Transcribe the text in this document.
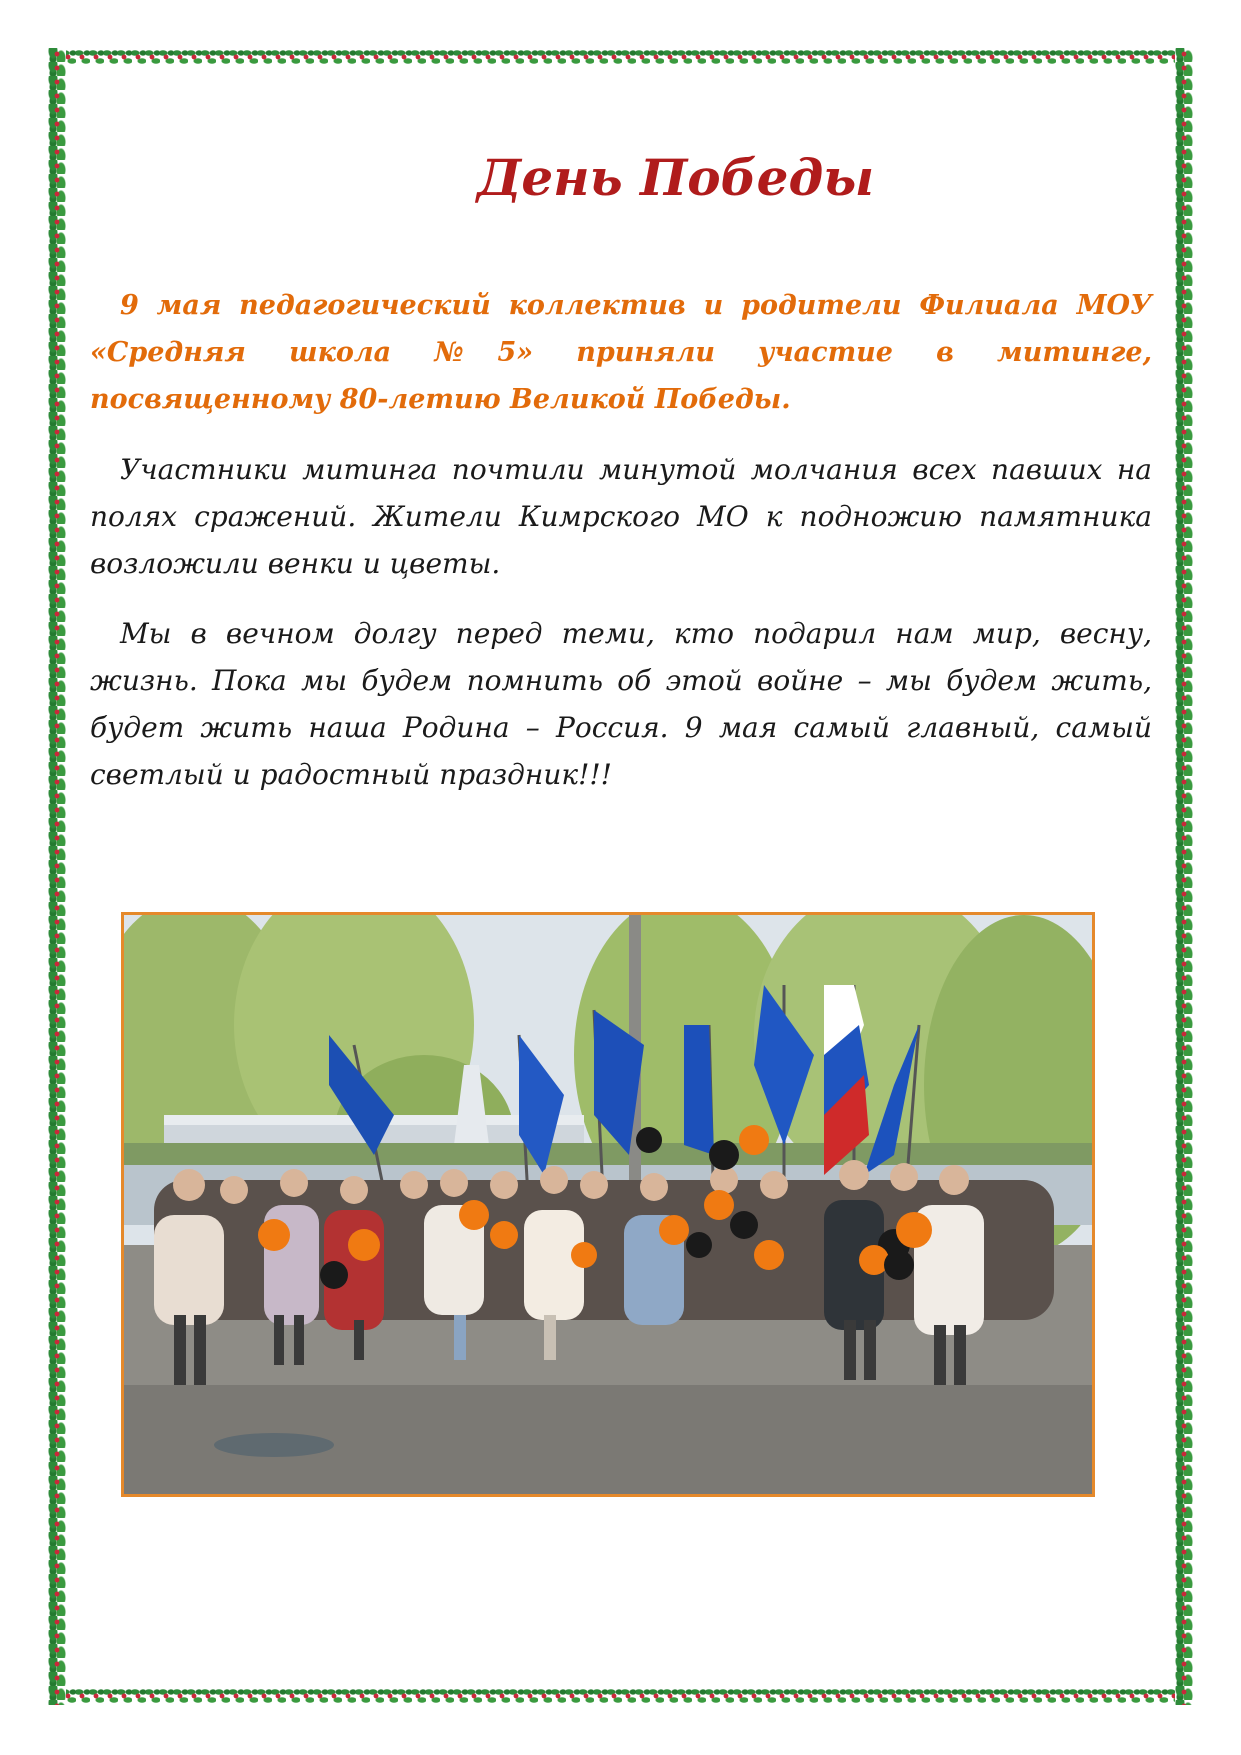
День Победы

9 мая педагогический коллектив и родители Филиала МОУ «Средняя школа №5» приняли участие в митинге, посвященному 80-летию Великой Победы.

Участники митинга почтили минутой молчания всех павших на полях сражений. Жители Кимрского МО к подножию памятника возложили венки и цветы.

Мы в вечном долгу перед теми, кто подарил нам мир, весну, жизнь. Пока мы будем помнить об этой войне – мы будем жить, будет жить наша Родина – Россия. 9 мая самый главный, самый светлый и радостный праздник!!!
